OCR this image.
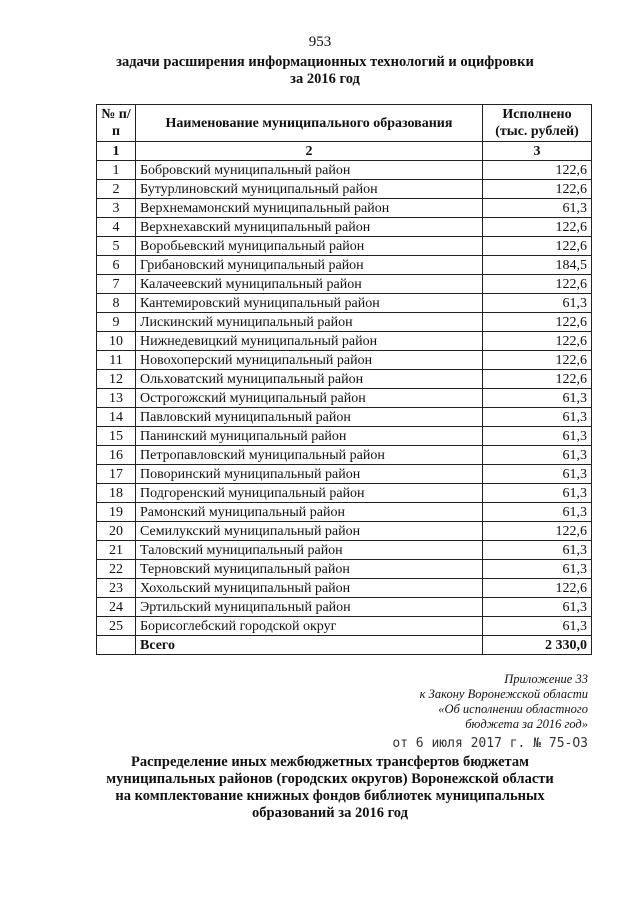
953
задачи расширения информационных технологий и оцифровки
за 2016 год
№ п/п	Наименование муниципального образования	Исполнено (тыс. рублей)
1	2	3
1	Бобровский муниципальный район	122,6
2	Бутурлиновский муниципальный район	122,6
3	Верхнемамонский муниципальный район	61,3
4	Верхнехавский муниципальный район	122,6
5	Воробьевский муниципальный район	122,6
6	Грибановский муниципальный район	184,5
7	Калачеевский муниципальный район	122,6
8	Кантемировский муниципальный район	61,3
9	Лискинский муниципальный район	122,6
10	Нижнедевицкий муниципальный район	122,6
11	Новохоперский муниципальный район	122,6
12	Ольховатский муниципальный район	122,6
13	Острогожский муниципальный район	61,3
14	Павловский муниципальный район	61,3
15	Панинский муниципальный район	61,3
16	Петропавловский муниципальный район	61,3
17	Поворинский муниципальный район	61,3
18	Подгоренский муниципальный район	61,3
19	Рамонский муниципальный район	61,3
20	Семилукский муниципальный район	122,6
21	Таловский муниципальный район	61,3
22	Терновский муниципальный район	61,3
23	Хохольский муниципальный район	122,6
24	Эртильский муниципальный район	61,3
25	Борисоглебский городской округ	61,3
	Всего	2 330,0
Приложение 33
к Закону Воронежской области
«Об исполнении областного
бюджета за 2016 год»
от 6 июля 2017 г. № 75-ОЗ
Распределение иных межбюджетных трансфертов бюджетам
муниципальных районов (городских округов) Воронежской области
на комплектование книжных фондов библиотек муниципальных
образований за 2016 год
